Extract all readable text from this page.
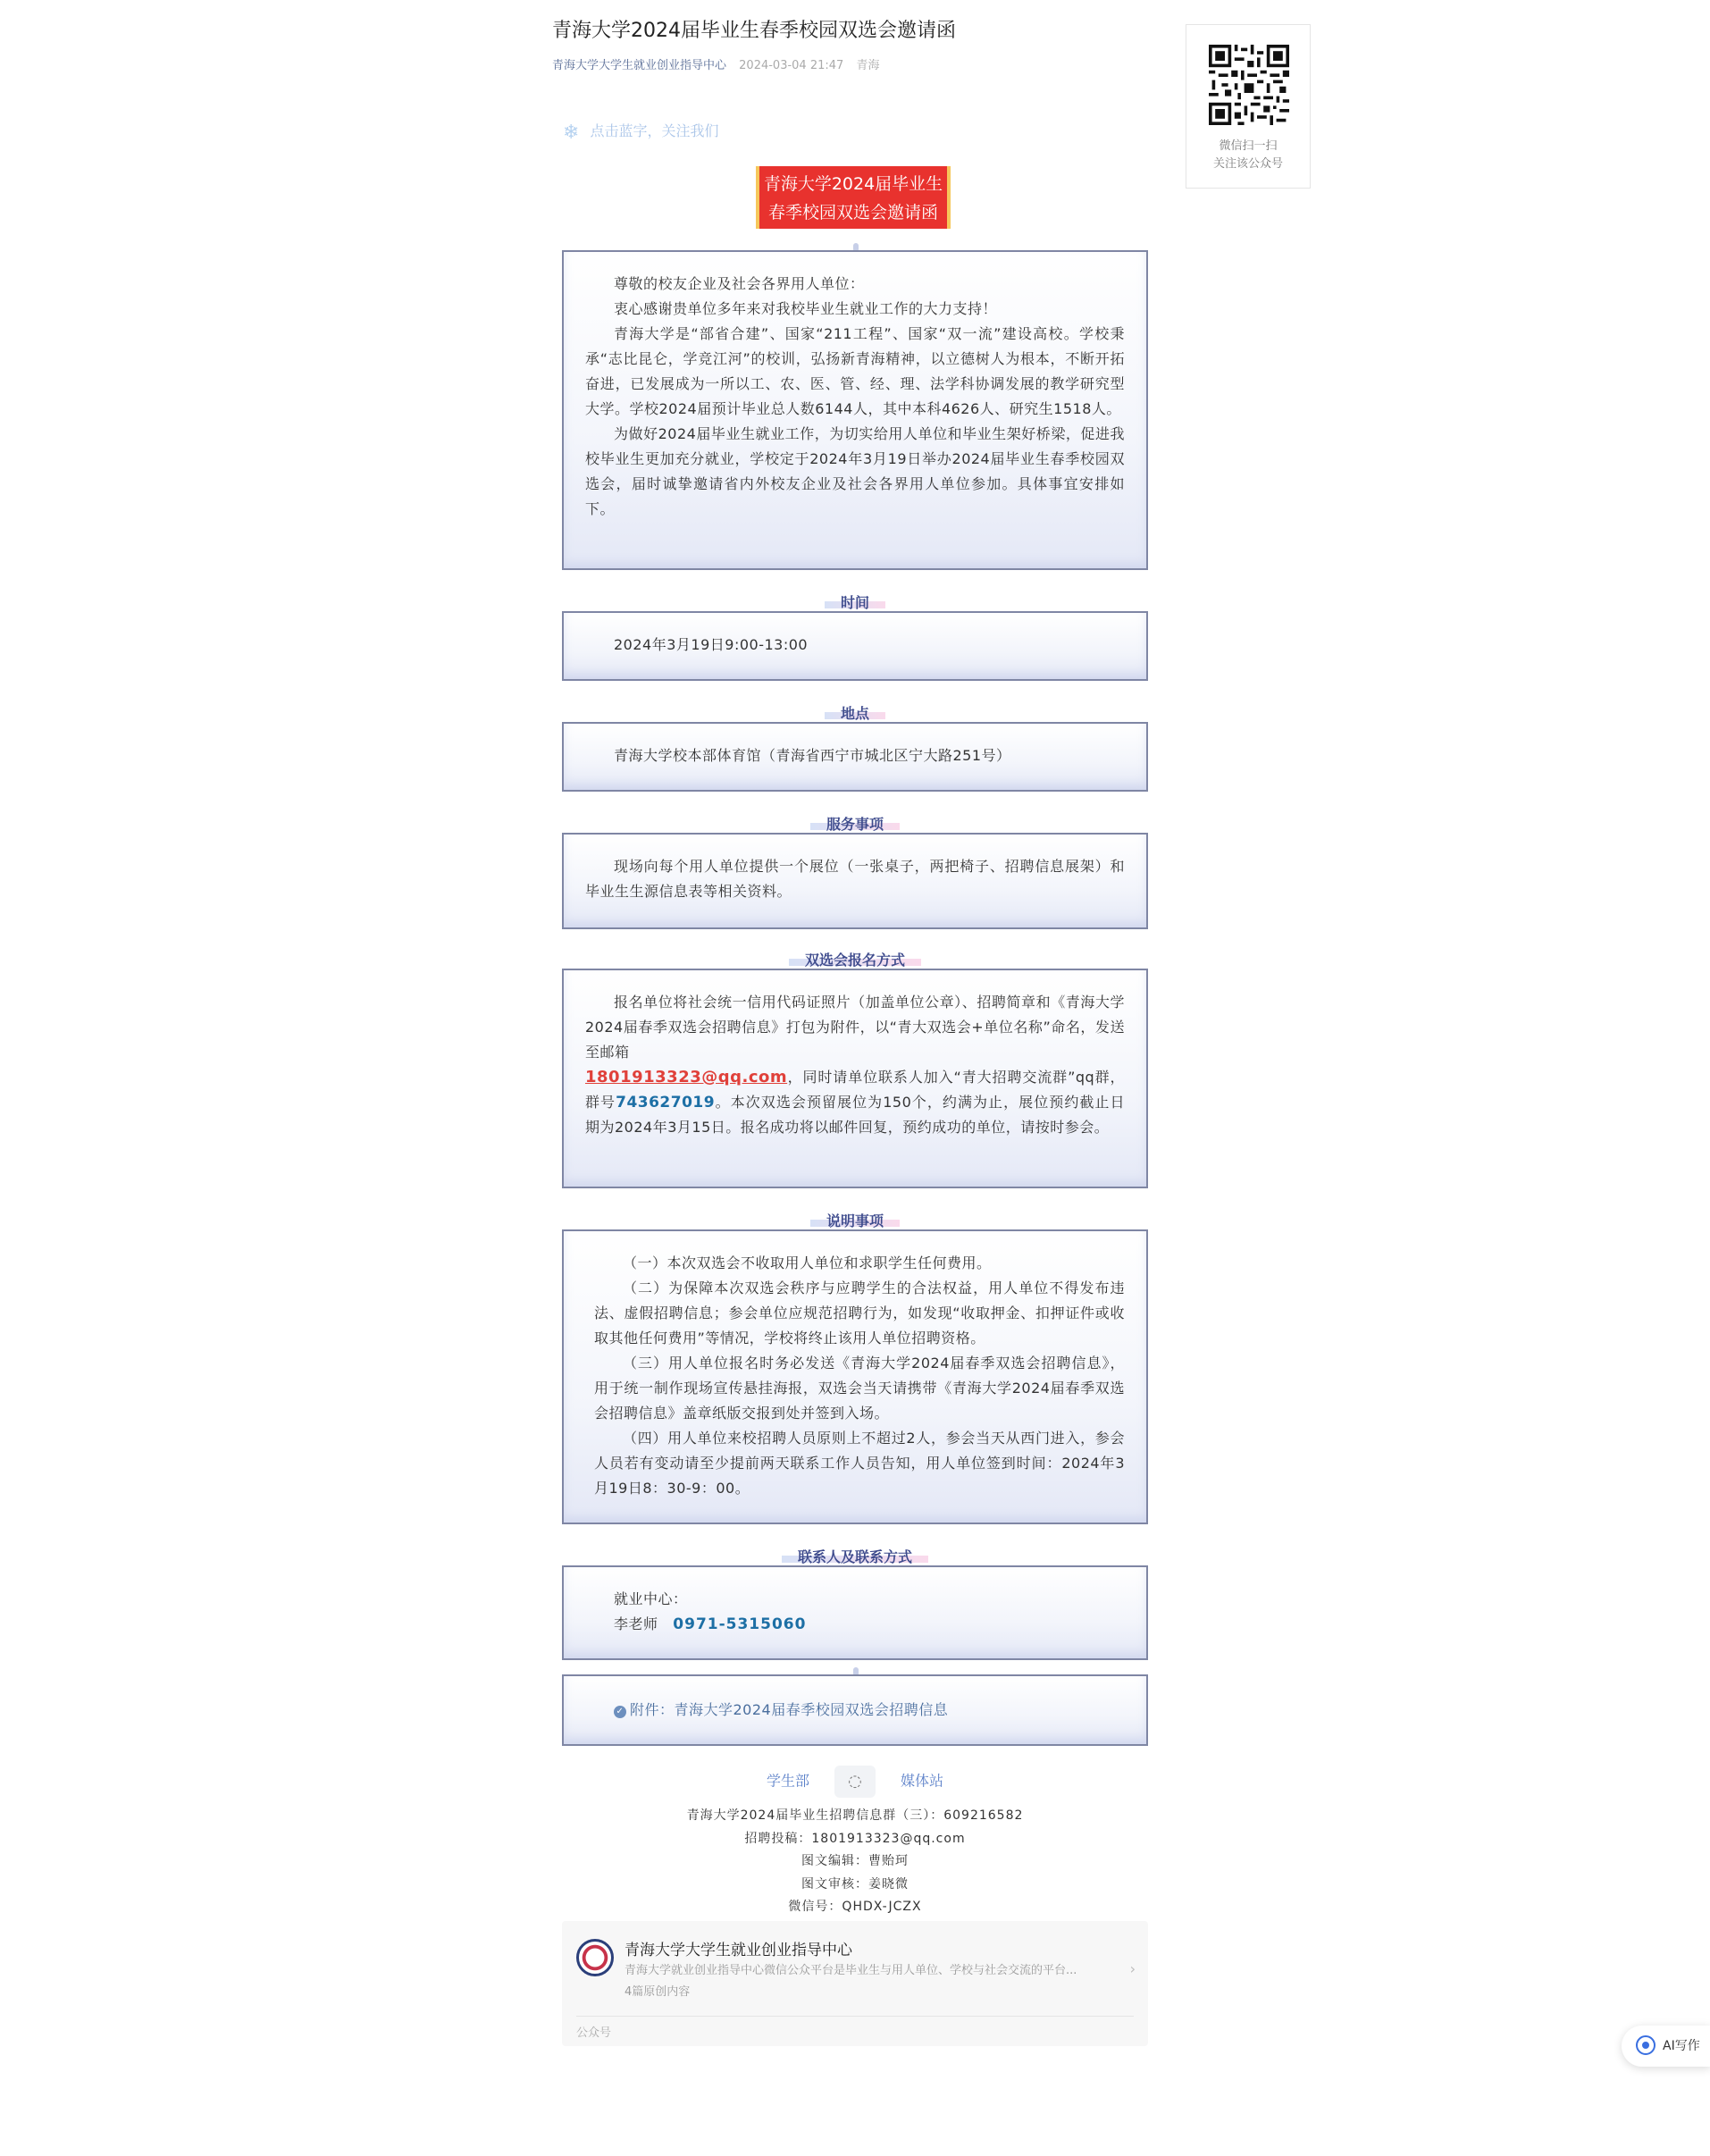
青海大学2024届毕业生春季校园双选会邀请函
青海大学大学生就业创业指导中心 2024-03-04 21:47 青海
❄ 点击蓝字，关注我们
青海大学2024届毕业生
春季校园双选会邀请函

尊敬的校友企业及社会各界用人单位：

衷心感谢贵单位多年来对我校毕业生就业工作的大力支持！

青海大学是“部省合建”、国家“211工程”、国家“双一流”建设高校。学校秉承“志比昆仑，学竞江河”的校训，弘扬新青海精神，以立德树人为根本，不断开拓奋进，已发展成为一所以工、农、医、管、经、理、法学科协调发展的教学研究型大学。学校2024届预计毕业总人数6144人，其中本科4626人、研究生1518人。

为做好2024届毕业生就业工作，为切实给用人单位和毕业生架好桥梁，促进我校毕业生更加充分就业，学校定于2024年3月19日举办2024届毕业生春季校园双选会，届时诚挚邀请省内外校友企业及社会各界用人单位参加。具体事宜安排如下。

时间

2024年3月19日9:00-13:00

地点

青海大学校本部体育馆（青海省西宁市城北区宁大路251号）

服务事项

现场向每个用人单位提供一个展位（一张桌子，两把椅子、招聘信息展架）和毕业生生源信息表等相关资料。

双选会报名方式

报名单位将社会统一信用代码证照片（加盖单位公章）、招聘简章和《青海大学2024届春季双选会招聘信息》打包为附件，以“青大双选会+单位名称”命名，发送至邮箱
1801913323@qq.com，同时请单位联系人加入“青大招聘交流群”qq群，群号743627019。本次双选会预留展位为150个，约满为止，展位预约截止日期为2024年3月15日。报名成功将以邮件回复，预约成功的单位，请按时参会。

说明事项

（一）本次双选会不收取用人单位和求职学生任何费用。

（二）为保障本次双选会秩序与应聘学生的合法权益，用人单位不得发布违法、虚假招聘信息；参会单位应规范招聘行为，如发现“收取押金、扣押证件或收取其他任何费用”等情况，学校将终止该用人单位招聘资格。

（三）用人单位报名时务必发送《青海大学2024届春季双选会招聘信息》，用于统一制作现场宣传悬挂海报，双选会当天请携带《青海大学2024届春季双选会招聘信息》盖章纸版交报到处并签到入场。

（四）用人单位来校招聘人员原则上不超过2人，参会当天从西门进入，参会人员若有变动请至少提前两天联系工作人员告知，用人单位签到时间：2024年3月19日8：30-9：00。

联系人及联系方式

就业中心：

李老师 0971-5315060

✓ 附件：青海大学2024届春季校园双选会招聘信息

学生部 ◌	媒体站
青海大学2024届毕业生招聘信息群（三）：609216582
招聘投稿：1801913323@qq.com
图文编辑：曹贻珂
图文审核：姜晓微
微信号：QHDX-JCZX
青海大学大学生就业创业指导中心
青海大学就业创业指导中心微信公众平台是毕业生与用人单位、学校与社会交流的平台...
4篇原创内容
›
公众号
微信扫一扫
关注该公众号
AI写作
